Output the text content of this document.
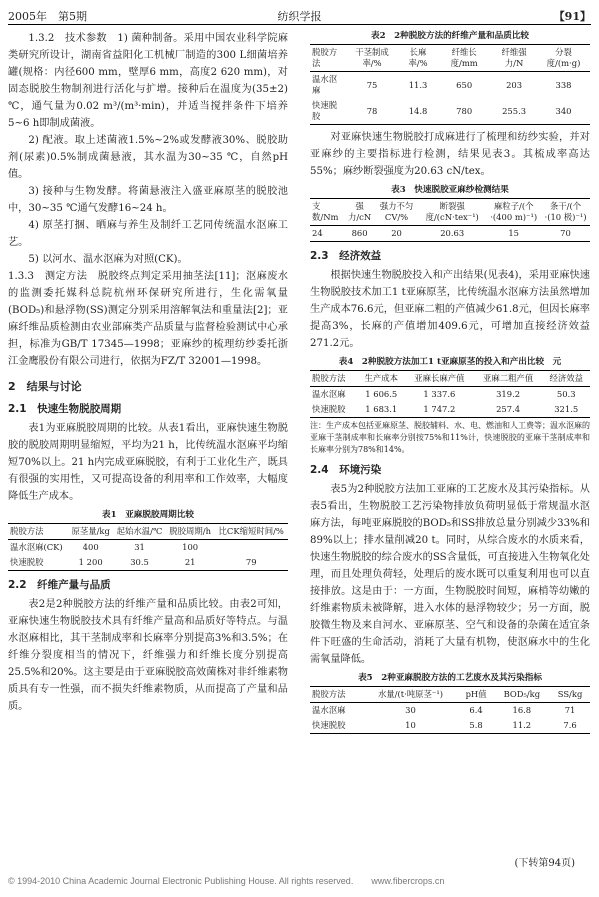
2005年　第5期	纺织学报	【91】

1.3.2　技术参数　1) 菌种制备。采用中国农业科学院麻类研究所设计，湖南省益阳化工机械厂制造的300 L细菌培养罐(规格：内径600 mm，壁厚6 mm，高度2 620 mm)，对固态脱胶生物制剂进行活化与扩增。接种后在温度为(35±2) ℃，通气量为0.02 m³/(m³·min)，并适当搅拌条件下培养5~6 h即制成菌液。

2) 配液。取上述菌液1.5%~2%或发酵液30%、脱胶助剂(尿素)0.5%制成菌悬液，其水温为30~35 ℃，自然pH值。

3) 接种与生物发酵。将菌悬液注入盛亚麻原茎的脱胶池中，30~35 ℃通气发酵16~24 h。

4) 原茎打捆、晒麻与养生及制纤工艺同传统温水沤麻工艺。

5) 以河水、温水沤麻为对照(CK)。

1.3.3　测定方法　脱胶终点判定采用抽茎法[11]；沤麻废水的监测委托媒科总院杭州环保研究所进行，生化需氧量(BOD₅)和悬浮物(SS)测定分别采用溶解氧法和重量法[2]；亚麻纤维品质检测由农业部麻类产品质量与监督检验测试中心承担，标准为GB/T 17345—1998；亚麻纱的梳理纺纱委托浙江金鹰股份有限公司进行，依据为FZ/T 32001—1998。

2　结果与讨论
2.1　快速生物脱胶周期

表1为亚麻脱胶周期的比较。从表1看出，亚麻快速生物脱胶的脱胶周期明显缩短，平均为21 h，比传统温水沤麻平均缩短70%以上。21 h内完成亚麻脱胶，有利于工业化生产，既具有很强的实用性，又可提高设备的利用率和工作效率，大幅度降低生产成本。

表1　亚麻脱胶周期比较
脱胶方法	原茎量/kg	起始水温/℃	脱胶周期/h	比CK缩短时间/%
温水沤麻(CK)	400	31	100	
快速脱胶	1 200	30.5	21	79
2.2　纤维产量与品质

表2是2种脱胶方法的纤维产量和品质比较。由表2可知，亚麻快速生物脱胶技术具有纤维产量高和品质好等特点。与温水沤麻相比，其干茎制成率和长麻率分别提高3%和3.5%；在纤维分裂度相当的情况下，纤维强力和纤维长度分别提高25.5%和20%。这主要是由于亚麻脱胶高效菌株对非纤维素物质具有专一性强，而不损失纤维素物质，从而提高了产量和品质。

表2　2种脱胶方法的纤维产量和品质比较
脱胶方法	干茎制成率/%	长麻率/%	纤维长度/mm	纤维强力/N	分裂度/(m·g)
温水沤麻	75	11.3	650	203	338
快速脱胶	78	14.8	780	255.3	340

对亚麻快速生物脱胶打成麻进行了梳理和纺纱实验，并对亚麻纱的主要指标进行检测，结果见表3。其梳成率高达55%；麻纱断裂强度为20.63 cN/tex。

表3　快速脱胶亚麻纱检测结果
支数/Nm	强力/cN	强力不匀 CV/%	断裂强度/(cN·tex⁻¹)	麻粒子/(个·(400 m)⁻¹)	条干/(个·(10 极)⁻¹)
24	860	20	20.63	15	70
2.3　经济效益

根据快速生物脱胶投入和产出结果(见表4)，采用亚麻快速生物脱胶技术加工1 t亚麻原茎，比传统温水沤麻方法虽然增加生产成本76.6元，但亚麻二粗的产值减少61.8元，但因长麻率提高3%，长麻的产值增加409.6元，可增加直接经济效益271.2元。

表4　2种脱胶方法加工1 t亚麻原茎的投入和产出比较　元
脱胶方法	生产成本	亚麻长麻产值	亚麻二粗产值	经济效益
温水沤麻	1 606.5	1 337.6	319.2	50.3
快速脱胶	1 683.1	1 747.2	257.4	321.5

注：生产成本包括亚麻原茎、脱胶辅料、水、电、燃油和人工费等；温水沤麻的亚麻干茎制成率和长麻率分别按75%和11%计，快速脱胶的亚麻干茎制成率和长麻率分别为78%和14%。

2.4　环境污染

表5为2种脱胶方法加工亚麻的工艺废水及其污染指标。从表5看出，生物脱胶工艺污染物排放负荷明显低于常规温水沤麻方法，每吨亚麻脱胶的BOD₅和SS排放总量分别减少33%和89%以上；排水量削减20 t。同时，从综合废水的水质来看，快速生物脱胶的综合废水的SS含量低，可直接进入生物氧化处理，而且处理负荷轻，处理后的废水既可以重复利用也可以直接排放。这是由于：一方面，生物脱胶时间短，麻梢等幼嫩的纤维素物质未被降解，进入水体的悬浮物较少；另一方面，脱胶微生物及来自河水、亚麻原茎、空气和设备的杂菌在适宜条件下旺盛的生命活动，消耗了大量有机物，使沤麻水中的生化需氧量降低。

表5　2种亚麻脱胶方法的工艺废水及其污染指标
脱胶方法	水量/(t·吨原茎⁻¹)	pH值	BOD₅/kg	SS/kg
温水沤麻	30	6.4	16.8	71
快速脱胶	10	5.8	11.2	7.6
(下转第94页)
© 1994-2010 China Academic Journal Electronic Publishing House. All rights reserved.　　www.fibercrops.cn
